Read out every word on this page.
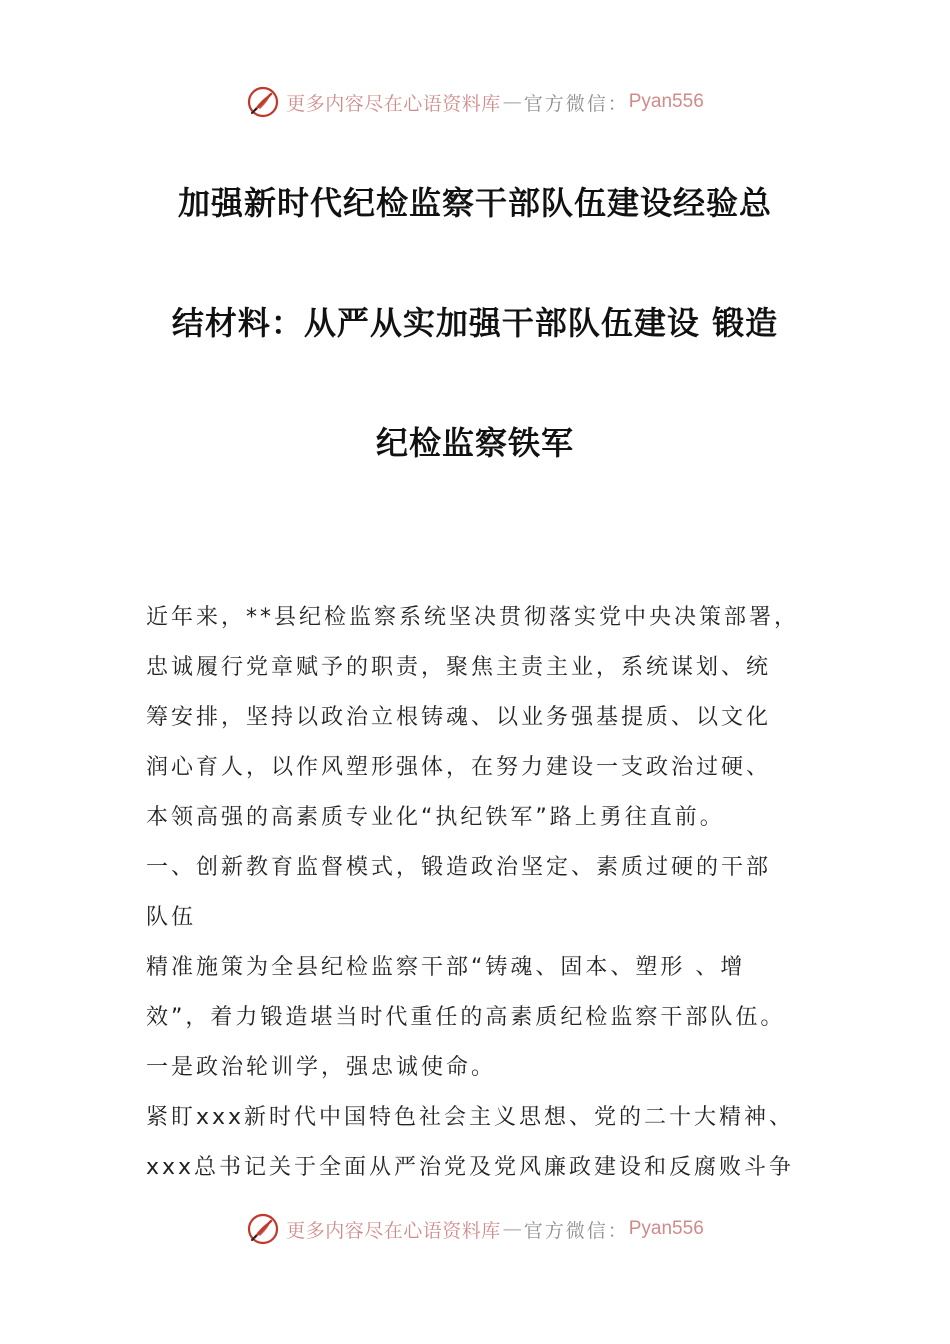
更多内容尽在心语资料库 — 官方微信： Pyan556
加强新时代纪检监察干部队伍建设经验总
结材料：从严从实加强干部队伍建设 锻造
纪检监察铁军
近年来，**县纪检监察系统坚决贯彻落实党中央决策部署，
忠诚履行党章赋予的职责，聚焦主责主业，系统谋划、统
筹安排，坚持以政治立根铸魂、以业务强基提质、以文化
润心育人，以作风塑形强体，在努力建设一支政治过硬、
本领高强的高素质专业化“执纪铁军”路上勇往直前。
一、创新教育监督模式，锻造政治坚定、素质过硬的干部
队伍
精准施策为全县纪检监察干部“铸魂、固本、塑形 、增
效”，着力锻造堪当时代重任的高素质纪检监察干部队伍。
一是政治轮训学，强忠诚使命。
紧盯xxx新时代中国特色社会主义思想、党的二十大精神、
xxx总书记关于全面从严治党及党风廉政建设和反腐败斗争
更多内容尽在心语资料库 — 官方微信： Pyan556
